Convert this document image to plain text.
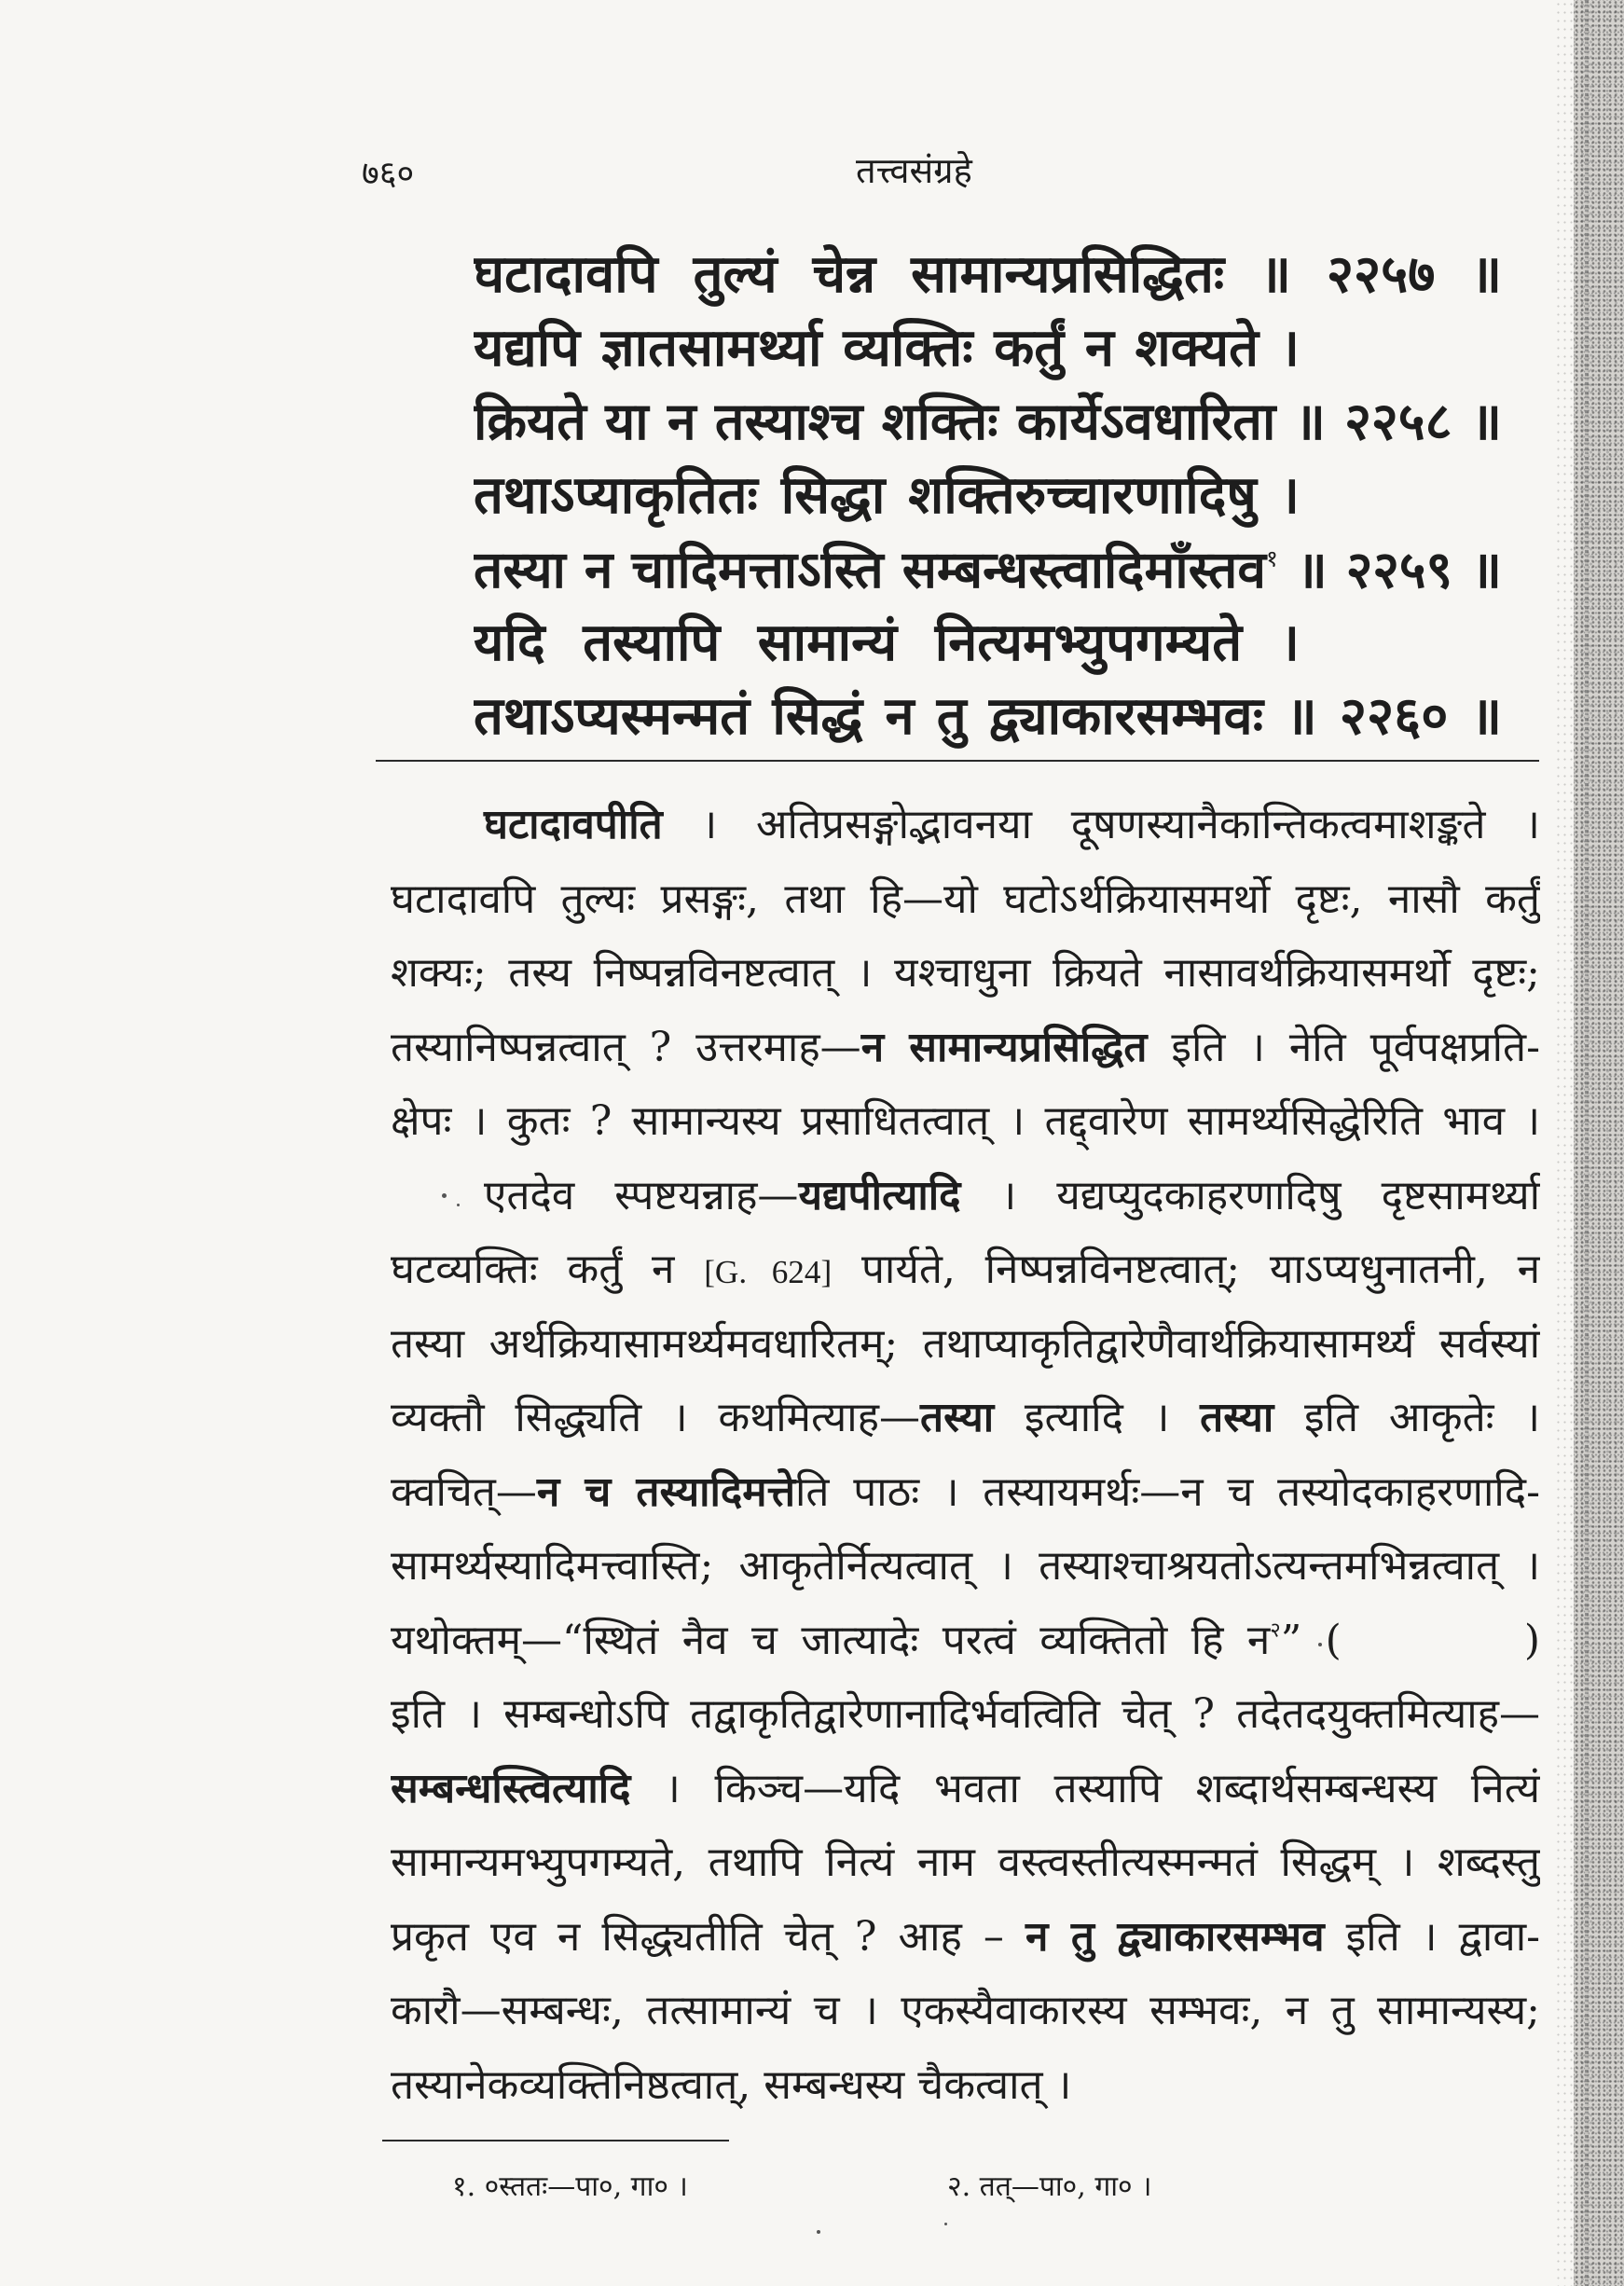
७६०	तत्त्वसंग्रहे
घटादावपि तुल्यं चेन्न सामान्यप्रसिद्धितः ॥ २२५७ ॥
यद्यपि ज्ञातसामर्थ्या व्यक्तिः कर्तुं न शक्यते ।
क्रियते या न तस्याश्च शक्तिः कार्येऽवधारिता ॥ २२५८ ॥
तथाऽप्याकृतितः सिद्धा शक्तिरुच्चारणादिषु ।
तस्या न चादिमत्ताऽस्ति सम्बन्धस्त्वादिमाँस्तव$^१$ ॥ २२५९ ॥
यदि तस्यापि सामान्यं नित्यमभ्युपगम्यते ।
तथाऽप्यस्मन्मतं सिद्धं न तु द्व्याकारसम्भवः ॥ २२६० ॥
घटादावपीति । अतिप्रसङ्गोद्भावनया दूषणस्यानैकान्तिकत्वमाशङ्कते ।
घटादावपि तुल्यः प्रसङ्गः, तथा हि—यो घटोऽर्थक्रियासमर्थो दृष्टः, नासौ कर्तुं
शक्यः; तस्य निष्पन्नविनष्टत्वात् । यश्चाधुना क्रियते नासावर्थक्रियासमर्थो दृष्टः;
तस्यानिष्पन्नत्वात् ? उत्तरमाह—न सामान्यप्रसिद्धित इति । नेति पूर्वपक्षप्रति-
क्षेपः । कुतः ? सामान्यस्य प्रसाधितत्वात् । तद्द्वारेण सामर्थ्यसिद्धेरिति भाव ।
एतदेव स्पष्टयन्नाह—यद्यपीत्यादि । यद्यप्युदकाहरणादिषु दृष्टसामर्थ्या
घटव्यक्तिः कर्तुं न [G. 624] पार्यते, निष्पन्नविनष्टत्वात्; याऽप्यधुनातनी, न
तस्या अर्थक्रियासामर्थ्यमवधारितम्; तथाप्याकृतिद्वारेणैवार्थक्रियासामर्थ्यं सर्वस्यां
व्यक्तौ सिद्ध्यति । कथमित्याह—तस्या इत्यादि । तस्या इति आकृतेः ।
क्वचित्—न च तस्यादिमत्तेति पाठः । तस्यायमर्थः—न च तस्योदकाहरणादि-
सामर्थ्यस्यादिमत्त्वास्ति; आकृतेर्नित्यत्वात् । तस्याश्चाश्रयतोऽत्यन्तमभिन्नत्वात् ।
यथोक्तम्—“स्थितं नैव च जात्यादेः परत्वं व्यक्तितो हि न$^२$” (	)
इति । सम्बन्धोऽपि तद्वाकृतिद्वारेणानादिर्भवत्विति चेत् ? तदेतदयुक्तमित्याह—
सम्बन्धस्त्वित्यादि । किञ्च—यदि भवता तस्यापि शब्दार्थसम्बन्धस्य नित्यं
सामान्यमभ्युपगम्यते, तथापि नित्यं नाम वस्त्वस्तीत्यस्मन्मतं सिद्धम् । शब्दस्तु
प्रकृत एव न सिद्ध्यतीति चेत् ? आह – न तु द्व्याकारसम्भव इति । द्वावा-
कारौ—सम्बन्धः, तत्सामान्यं च । एकस्यैवाकारस्य सम्भवः, न तु सामान्यस्य;
तस्यानेकव्यक्तिनिष्ठत्वात्, सम्बन्धस्य चैकत्वात् ।
१. ०स्ततः—पा०, गा० ।	२. तत्—पा०, गा० ।
